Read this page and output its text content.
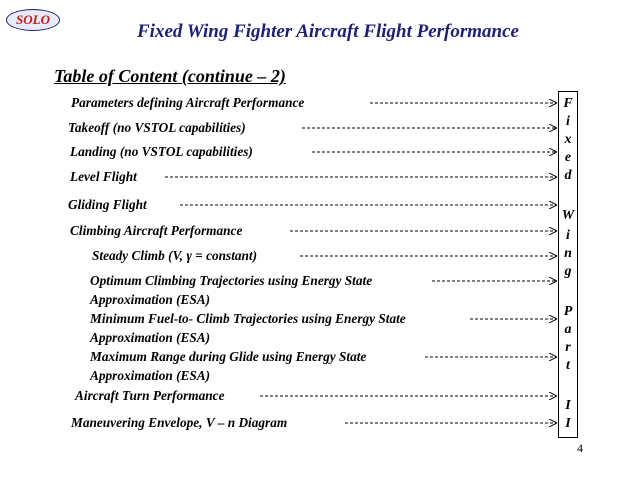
SOLO
Fixed Wing Fighter Aircraft Flight Performance
Table of Content (continue – 2)
Parameters defining Aircraft Performance
Takeoff (no VSTOL capabilities)
Landing (no VSTOL capabilities)
Level Flight
Gliding Flight
Climbing Aircraft Performance
Steady Climb (V, γ = constant)
Optimum Climbing Trajectories using Energy State
Approximation (ESA)
Minimum Fuel-to- Climb Trajectories using Energy State
Approximation (ESA)
Maximum Range during Glide using Energy State
Approximation (ESA)
Aircraft Turn Performance
Maneuvering Envelope, V – n Diagram
F
i
x
e
d
W
i
n
g
P
a
r
t
I
I
4
